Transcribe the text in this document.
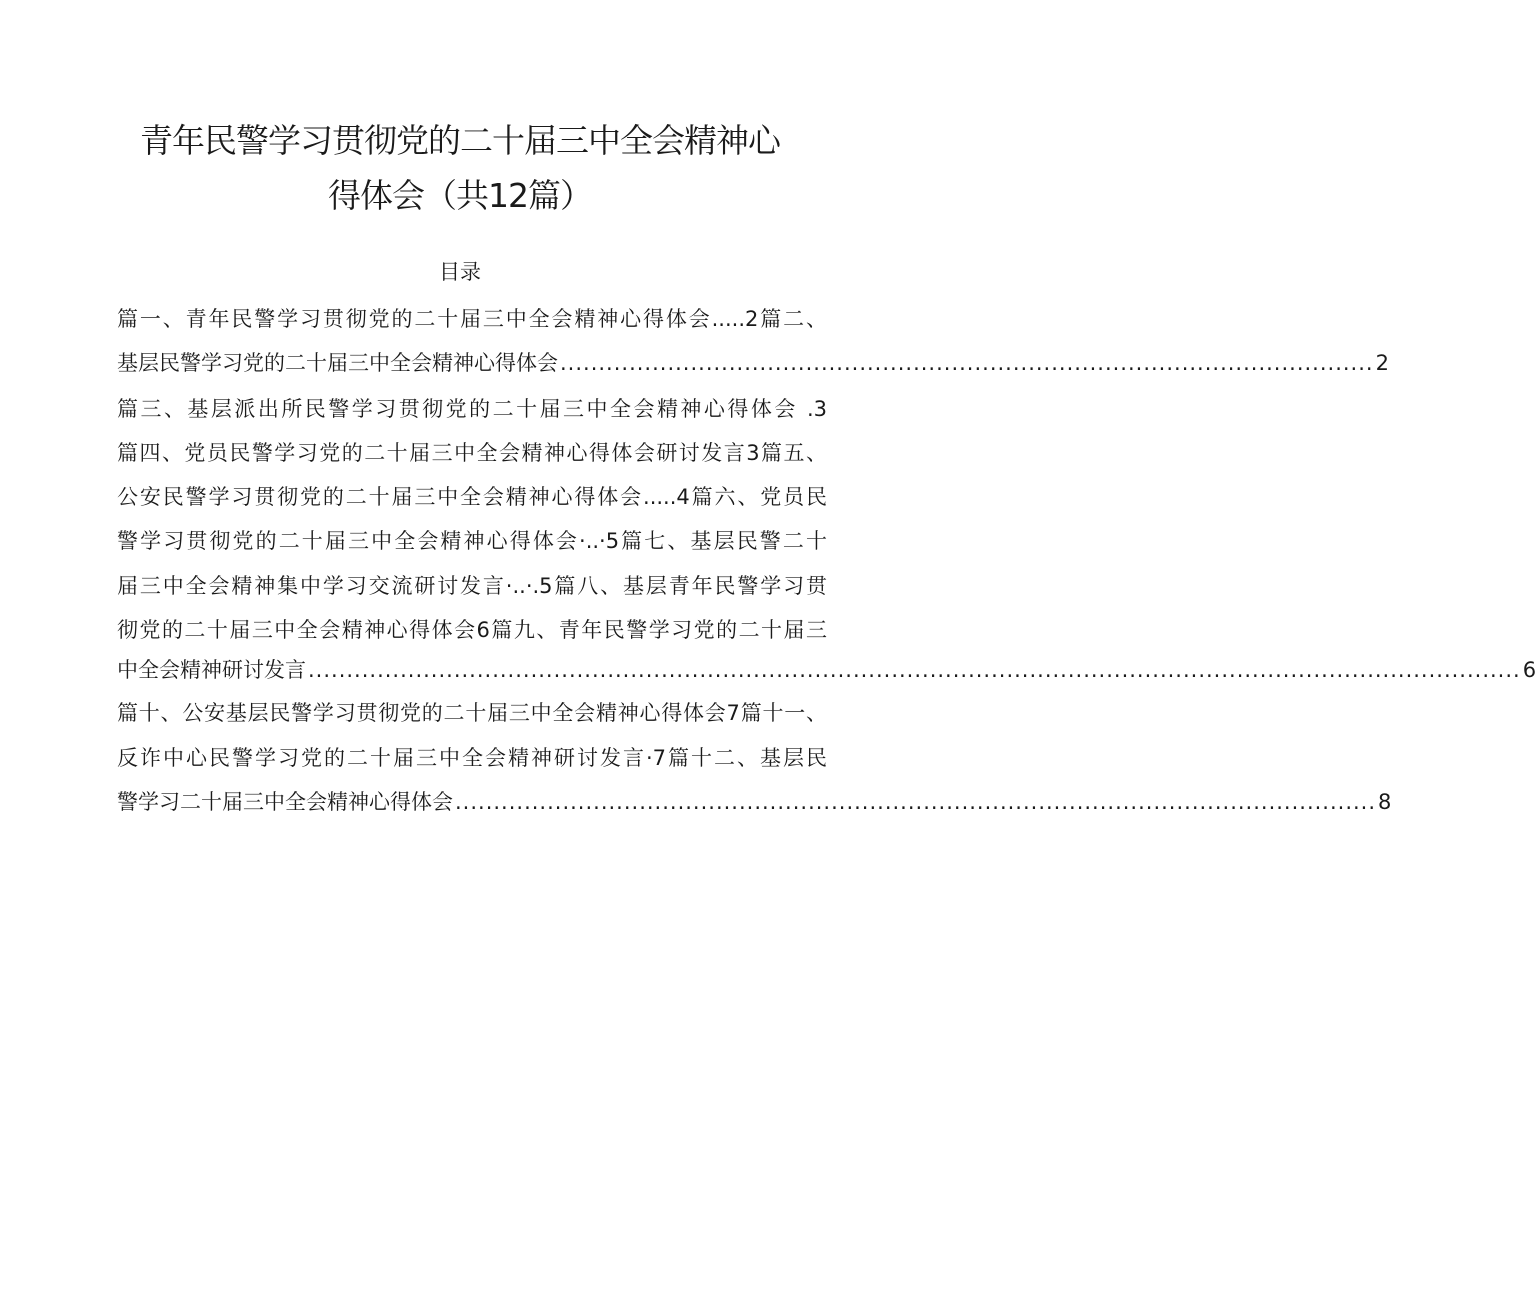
青年民警学习贯彻党的二十届三中全会精神心
得体会（共12篇）
目录
篇一、青年民警学习贯彻党的二十届三中全会精神心得体会.....2篇二、
基层民警学习党的二十届三中全会精神心得体会 .......................................................................................................... 2
篇三、基层派出所民警学习贯彻党的二十届三中全会精神心得体会 .3
篇四、党员民警学习党的二十届三中全会精神心得体会研讨发言3篇五、
公安民警学习贯彻党的二十届三中全会精神心得体会.....4篇六、党员民
警学习贯彻党的二十届三中全会精神心得体会·..·5篇七、基层民警二十
届三中全会精神集中学习交流研讨发言·..·.5篇八、基层青年民警学习贯
彻党的二十届三中全会精神心得体会6篇九、青年民警学习党的二十届三
中全会精神研讨发言 .............................................................................................................................................................. 6
篇十、公安基层民警学习贯彻党的二十届三中全会精神心得体会7篇十一、
反诈中心民警学习党的二十届三中全会精神研讨发言·7篇十二、基层民
警学习二十届三中全会精神心得体会 ........................................................................................................................ 8
